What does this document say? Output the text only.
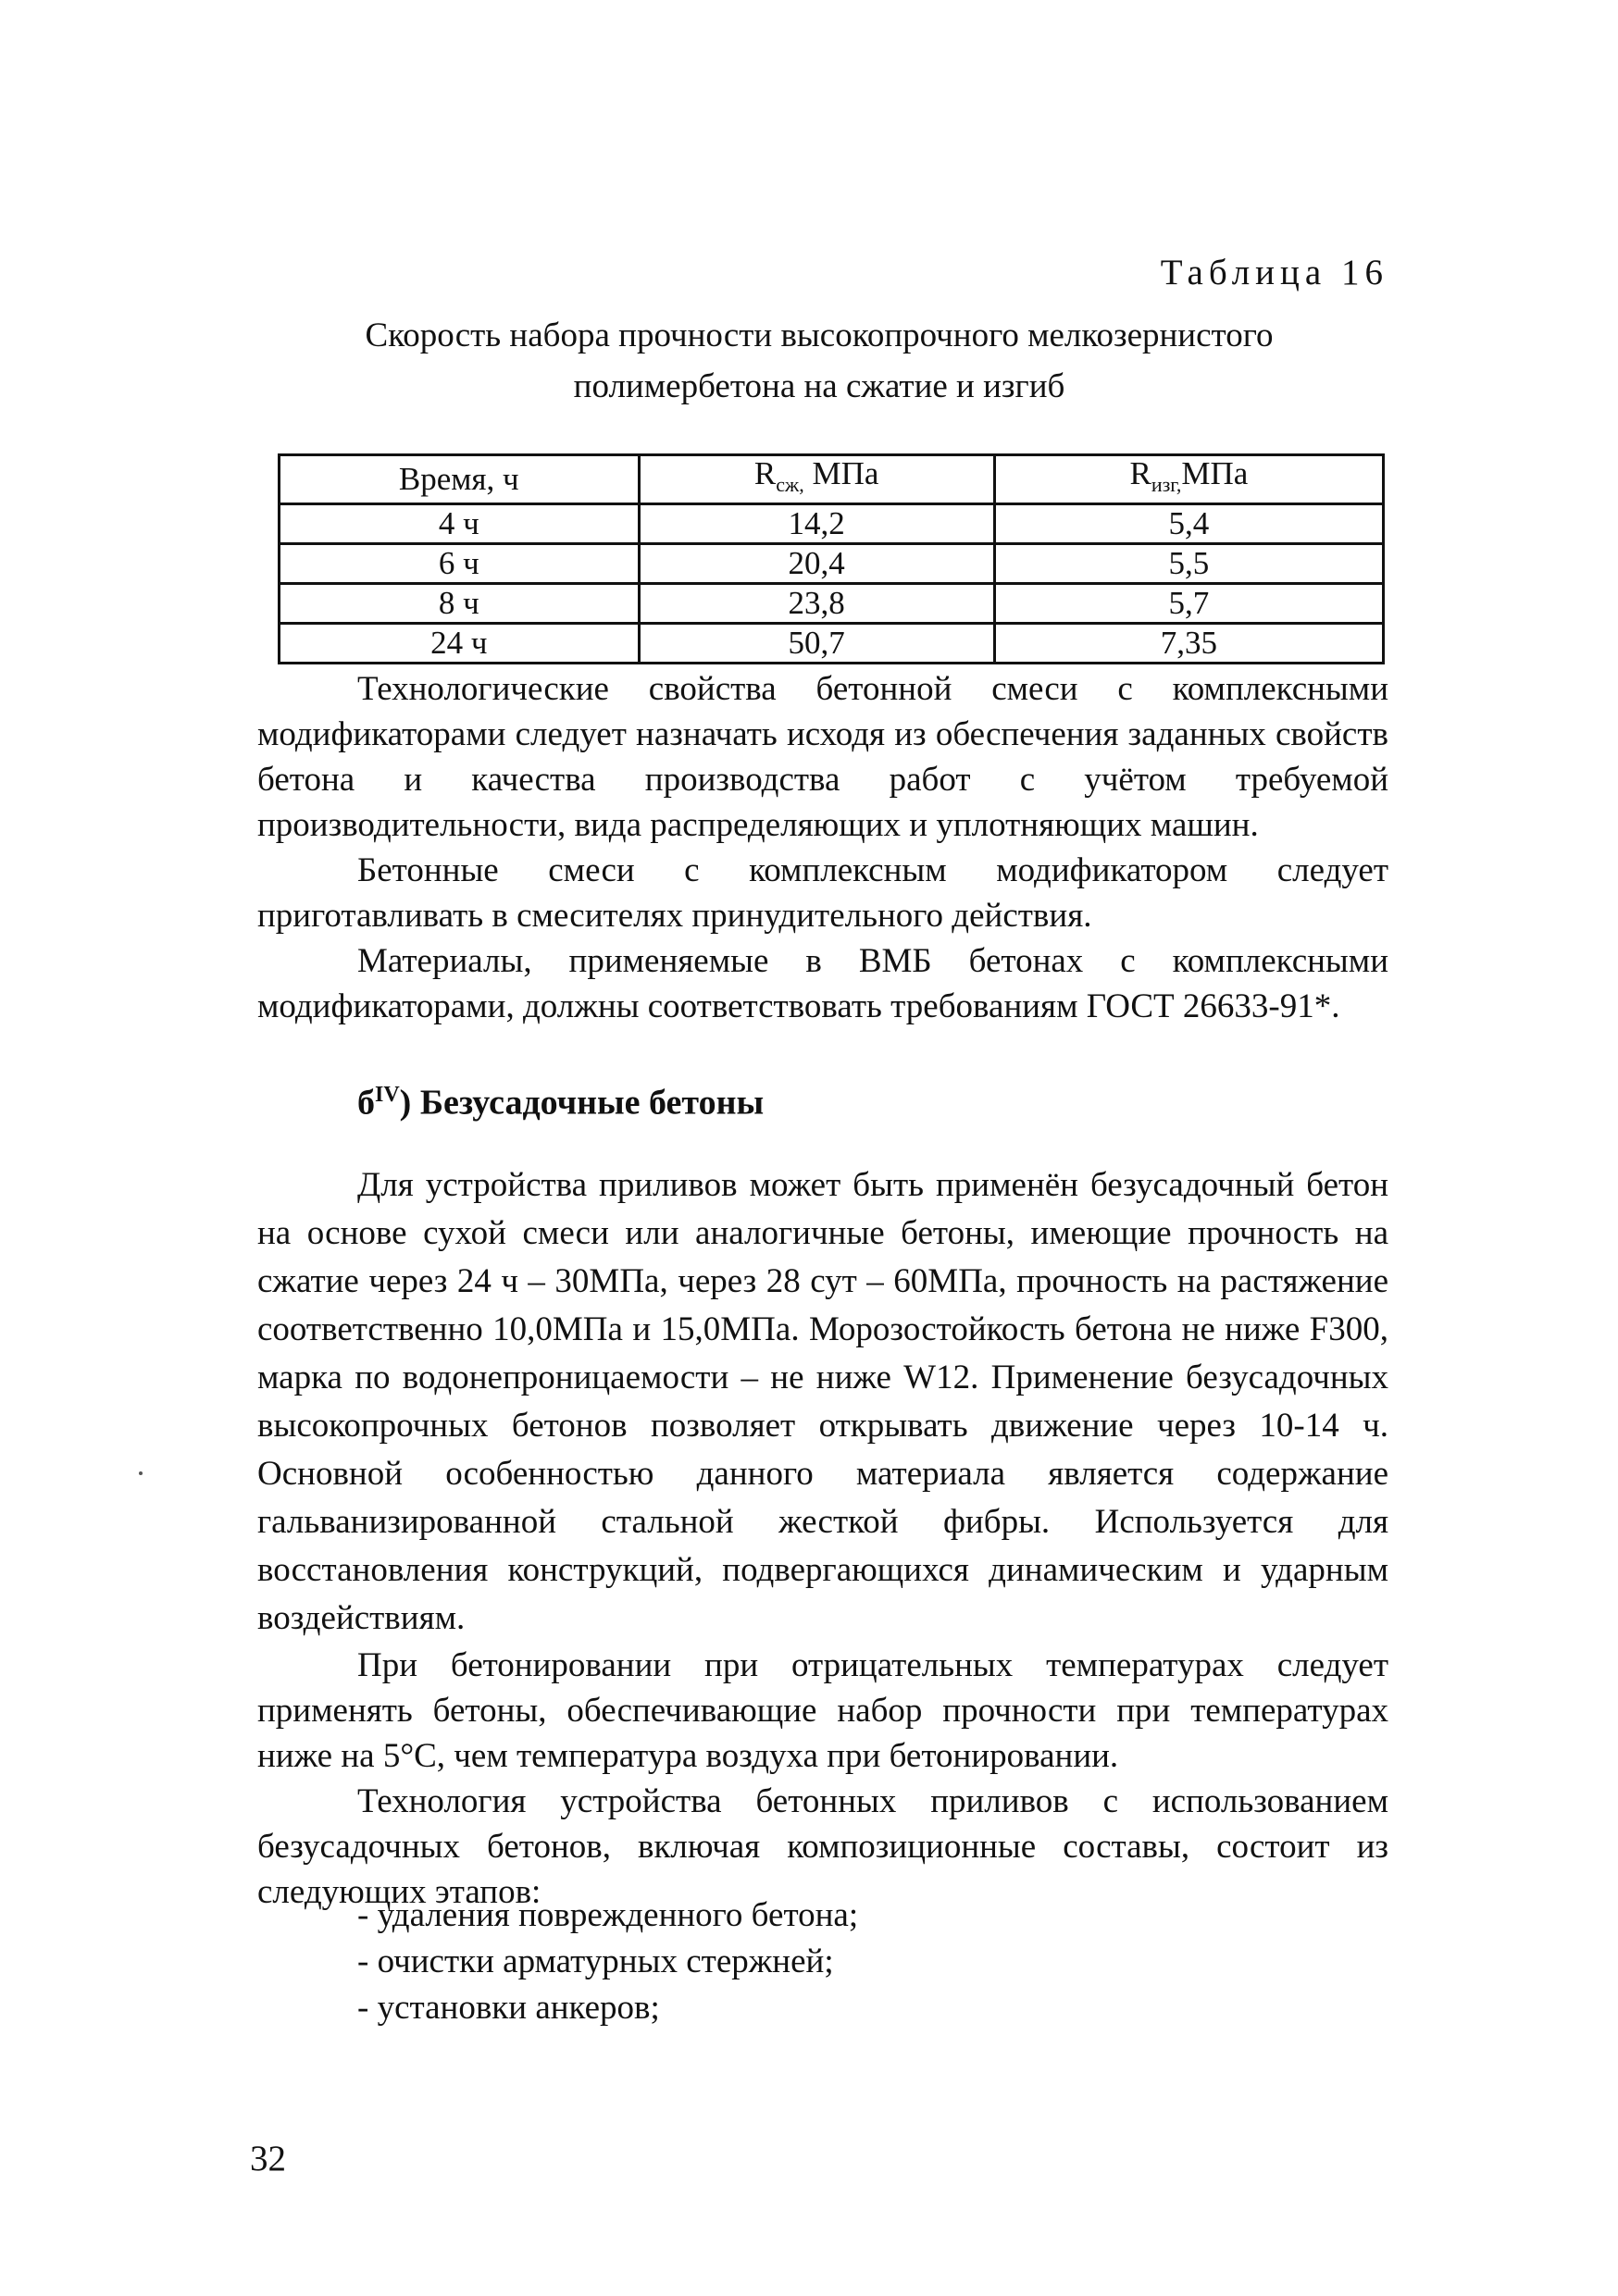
Таблица 16
Скорость набора прочности высокопрочного мелкозернистого
полимербетона на сжатие и изгиб
Время, ч	$R_{сж,}$ МПа	$R_{изг,}МПа$
4 ч	14,2	5,4
6 ч	20,4	5,5
8 ч	23,8	5,7
24 ч	50,7	7,35

Технологические свойства бетонной смеси с комплексными модификаторами следует назначать исходя из обеспечения заданных свойств бетона и качества производства работ с учётом требуемой производительности, вида распределяющих и уплотняющих машин.

Бетонные смеси с комплексным модификатором следует приготавливать в смесителях принудительного действия.

Материалы, применяемые в ВМБ бетонах с комплексными модификаторами, должны соответствовать требованиям ГОСТ 26633-91*.

$б^{IV}$) Безусадочные бетоны

Для устройства приливов может быть применён безусадочный бетон на основе сухой смеси или аналогичные бетоны, имеющие прочность на сжатие через 24 ч – 30МПа, через 28 сут – 60МПа, прочность на растяжение соответственно 10,0МПа и 15,0МПа. Морозостойкость бетона не ниже F300, марка по водонепроницаемости – не ниже W12. Применение безусадочных высокопрочных бетонов позволяет открывать движение через 10-14 ч. Основной особенностью данного материала является содержание гальванизированной стальной жесткой фибры. Используется для восстановления конструкций, подвергающихся динамическим и ударным воздействиям.

При бетонировании при отрицательных температурах следует применять бетоны, обеспечивающие набор прочности при температурах ниже на 5°С, чем температура воздуха при бетонировании.

Технология устройства бетонных приливов с использованием безусадочных бетонов, включая композиционные составы, состоит из следующих этапов:

- удаления поврежденного бетона;
- очистки арматурных стержней;
- установки анкеров;
32
